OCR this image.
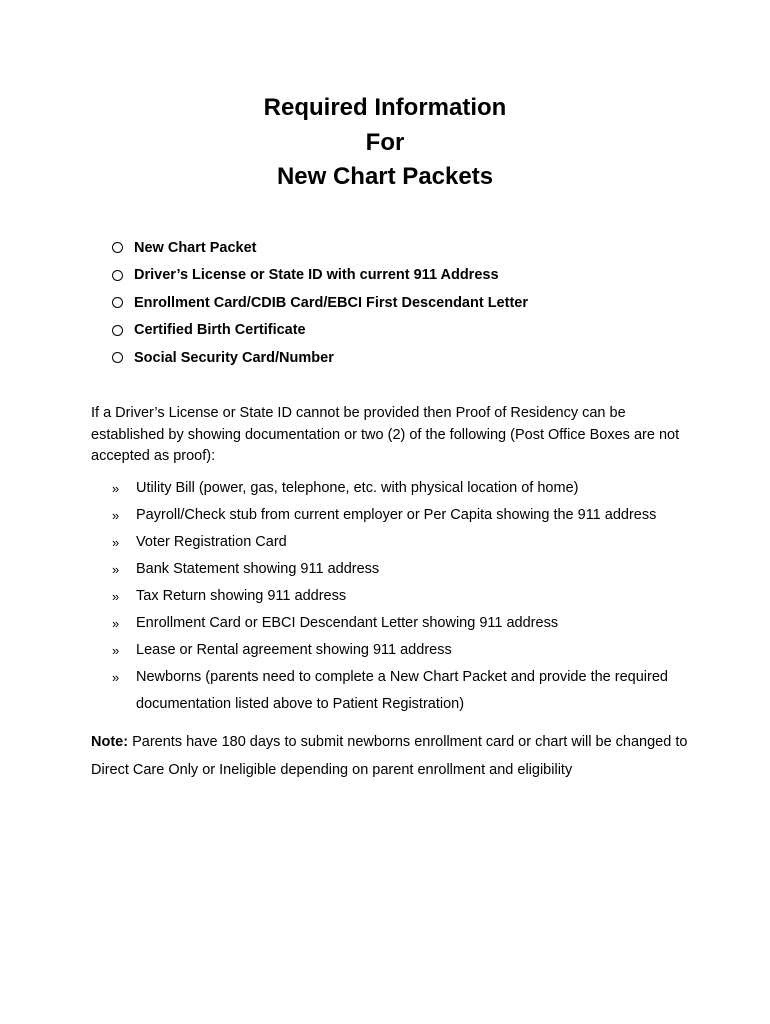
Required Information
For
New Chart Packets
New Chart Packet
Driver’s License or State ID with current 911 Address
Enrollment Card/CDIB Card/EBCI First Descendant Letter
Certified Birth Certificate
Social Security Card/Number

If a Driver’s License or State ID cannot be provided then Proof of Residency can be established by showing documentation or two (2) of the following (Post Office Boxes are not accepted as proof):

»	Utility Bill (power, gas, telephone, etc. with physical location of home)
»	Payroll/Check stub from current employer or Per Capita showing the 911 address
»	Voter Registration Card
»	Bank Statement showing 911 address
»	Tax Return showing 911 address
»	Enrollment Card or EBCI Descendant Letter showing 911 address
»	Lease or Rental agreement showing 911 address
»	Newborns (parents need to complete a New Chart Packet and provide the required documentation listed above to Patient Registration)

Note: Parents have 180 days to submit newborns enrollment card or chart will be changed to Direct Care Only or Ineligible depending on parent enrollment and eligibility
